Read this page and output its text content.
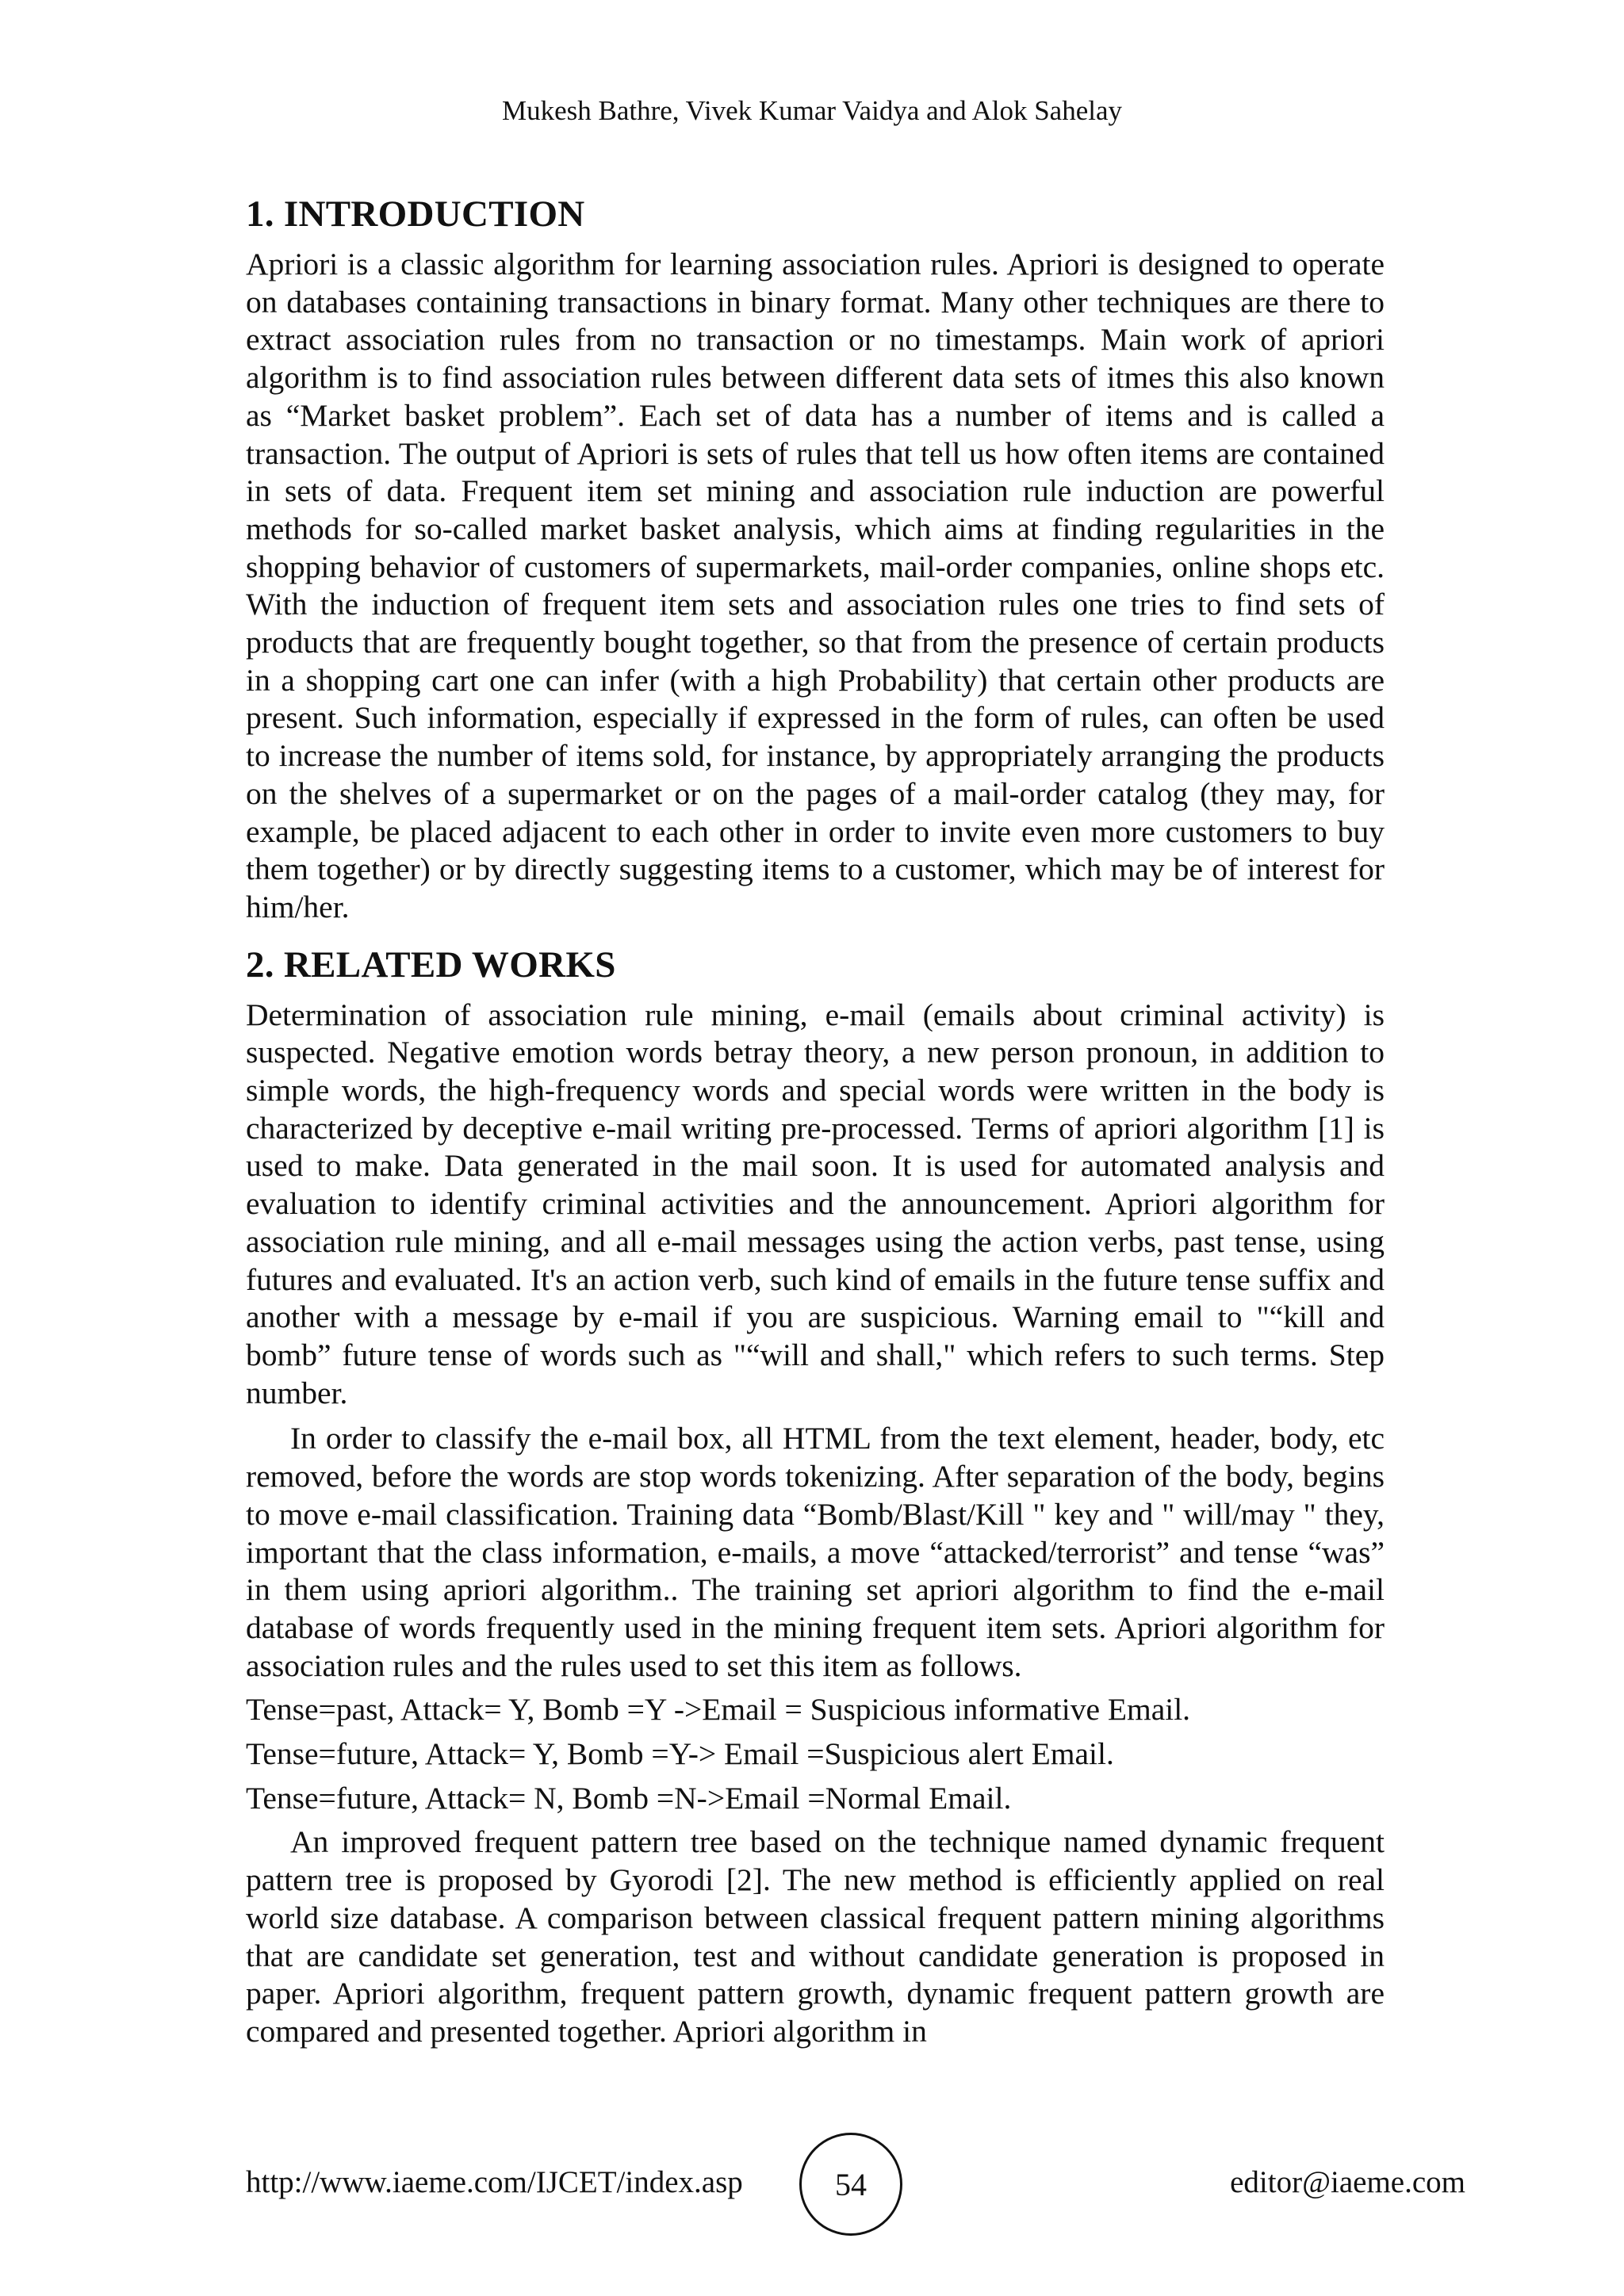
Mukesh Bathre, Vivek Kumar Vaidya and Alok Sahelay
1. INTRODUCTION

Apriori is a classic algorithm for learning association rules. Apriori is designed to operate on databases containing transactions in binary format. Many other techniques are there to extract association rules from no transaction or no timestamps. Main work of apriori algorithm is to find association rules between different data sets of itmes this also known as “Market basket problem”. Each set of data has a number of items and is called a transaction. The output of Apriori is sets of rules that tell us how often items are contained in sets of data. Frequent item set mining and association rule induction are powerful methods for so-called market basket analysis, which aims at finding regularities in the shopping behavior of customers of supermarkets, mail-order companies, online shops etc. With the induction of frequent item sets and association rules one tries to find sets of products that are frequently bought together, so that from the presence of certain products in a shopping cart one can infer (with a high Probability) that certain other products are present. Such information, especially if expressed in the form of rules, can often be used to increase the number of items sold, for instance, by appropriately arranging the products on the shelves of a supermarket or on the pages of a mail-order catalog (they may, for example, be placed adjacent to each other in order to invite even more customers to buy them together) or by directly suggesting items to a customer, which may be of interest for him/her.

2. RELATED WORKS

Determination of association rule mining, e-mail (emails about criminal activity) is suspected. Negative emotion words betray theory, a new person pronoun, in addition to simple words, the high-frequency words and special words were written in the body is characterized by deceptive e-mail writing pre-processed. Terms of apriori algorithm [1] is used to make. Data generated in the mail soon. It is used for automated analysis and evaluation to identify criminal activities and the announcement. Apriori algorithm for association rule mining, and all e-mail messages using the action verbs, past tense, using futures and evaluated. It's an action verb, such kind of emails in the future tense suffix and another with a message by e-mail if you are suspicious. Warning email to "“kill and bomb” future tense of words such as "“will and shall," which refers to such terms. Step number.

In order to classify the e-mail box, all HTML from the text element, header, body, etc removed, before the words are stop words tokenizing. After separation of the body, begins to move e-mail classification. Training data “Bomb/Blast/Kill " key and " will/may " they, important that the class information, e-mails, a move “attacked/terrorist” and tense “was” in them using apriori algorithm.. The training set apriori algorithm to find the e-mail database of words frequently used in the mining frequent item sets. Apriori algorithm for association rules and the rules used to set this item as follows.

Tense=past, Attack= Y, Bomb =Y ->Email = Suspicious informative Email.

Tense=future, Attack= Y, Bomb =Y-> Email =Suspicious alert Email.

Tense=future, Attack= N, Bomb =N->Email =Normal Email.

An improved frequent pattern tree based on the technique named dynamic frequent pattern tree is proposed by Gyorodi [2]. The new method is efficiently applied on real world size database. A comparison between classical frequent pattern mining algorithms that are candidate set generation, test and without candidate generation is proposed in paper. Apriori algorithm, frequent pattern growth, dynamic frequent pattern growth are compared and presented together. Apriori algorithm in

http://www.iaeme.com/IJCET/index.asp	54	editor@iaeme.com
